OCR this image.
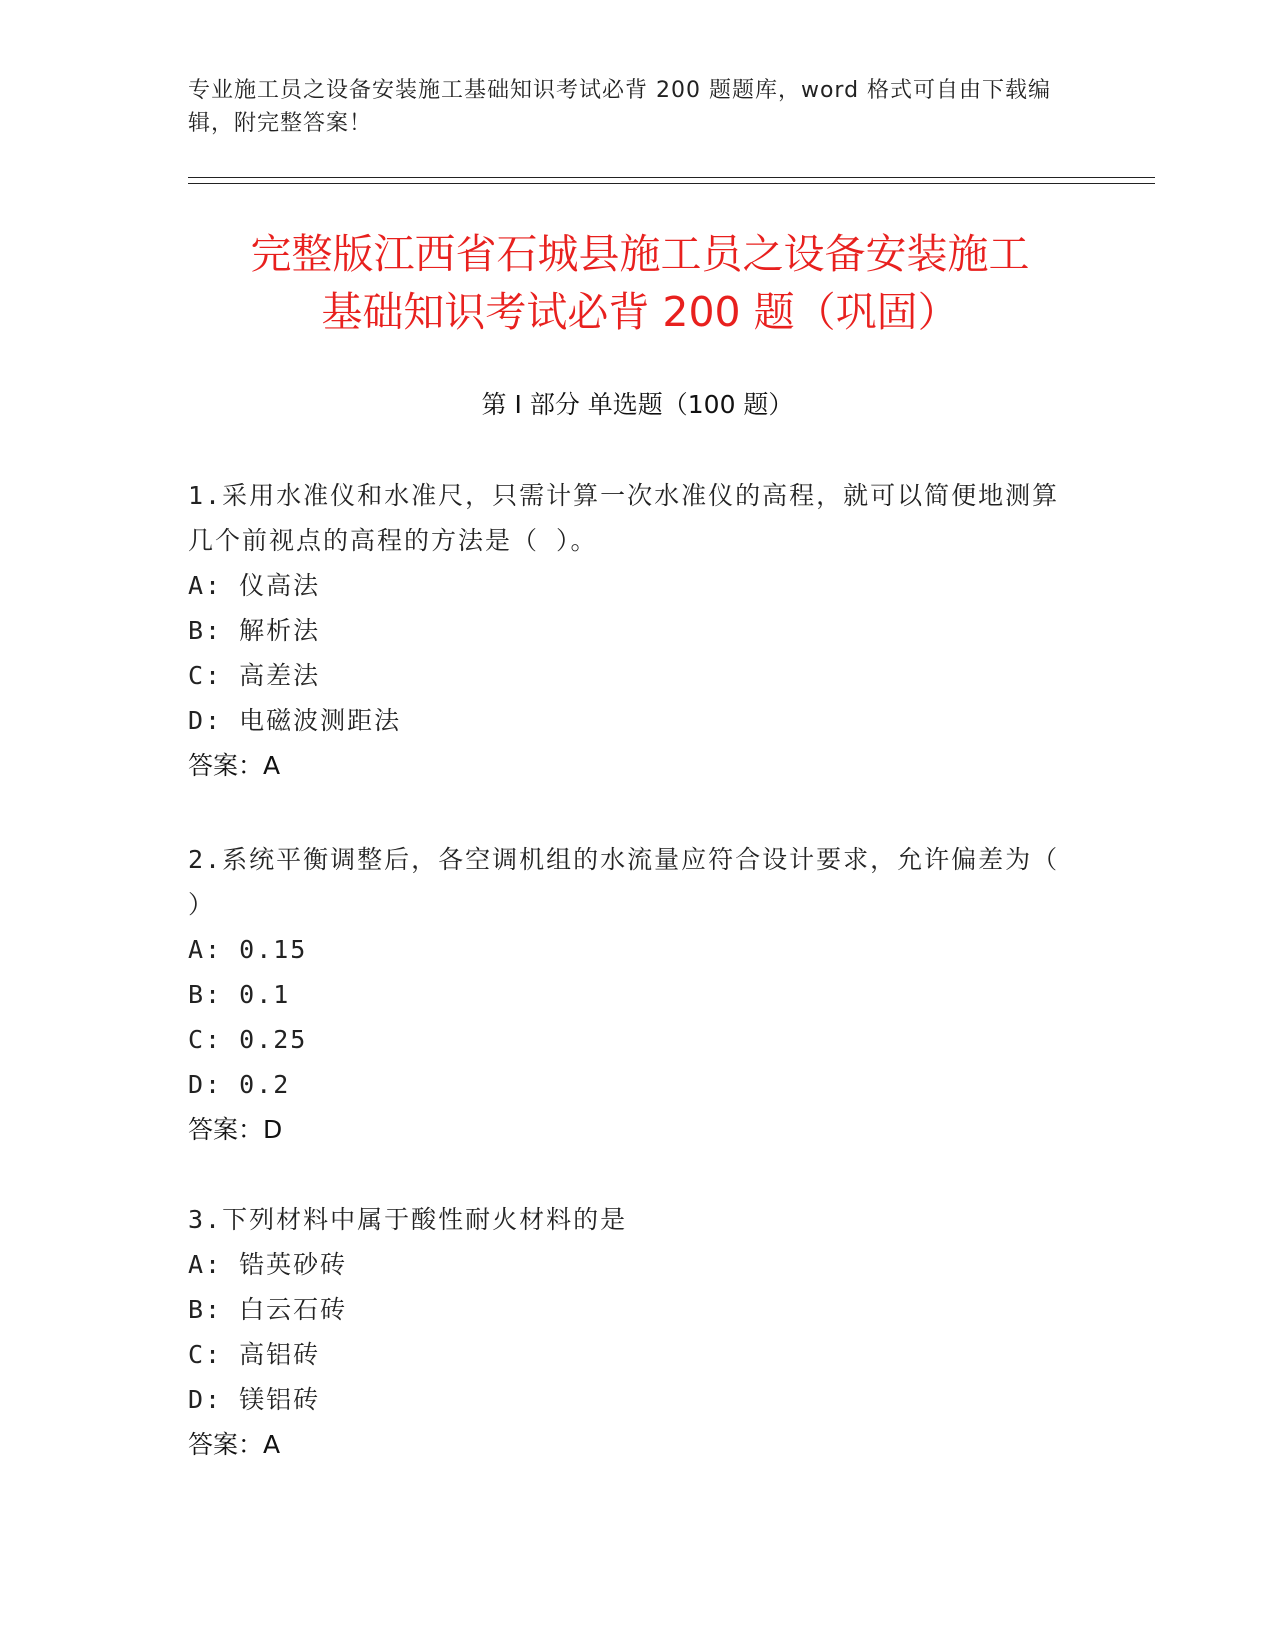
专业施工员之设备安装施工基础知识考试必背 200 题题库，word 格式可自由下载编辑，附完整答案！
完整版江西省石城县施工员之设备安装施工
基础知识考试必背 200 题（巩固）
第 I 部分 单选题（100 题）
1.采用水准仪和水准尺，只需计算一次水准仪的高程，就可以简便地测算几个前视点的高程的方法是（ ）。
A: 仪高法
B: 解析法
C: 高差法
D: 电磁波测距法
答案：A
2.系统平衡调整后，各空调机组的水流量应符合设计要求，允许偏差为（ ）
A: 0.15
B: 0.1
C: 0.25
D: 0.2
答案：D
3.下列材料中属于酸性耐火材料的是
A: 锆英砂砖
B: 白云石砖
C: 高铝砖
D: 镁铝砖
答案：A
